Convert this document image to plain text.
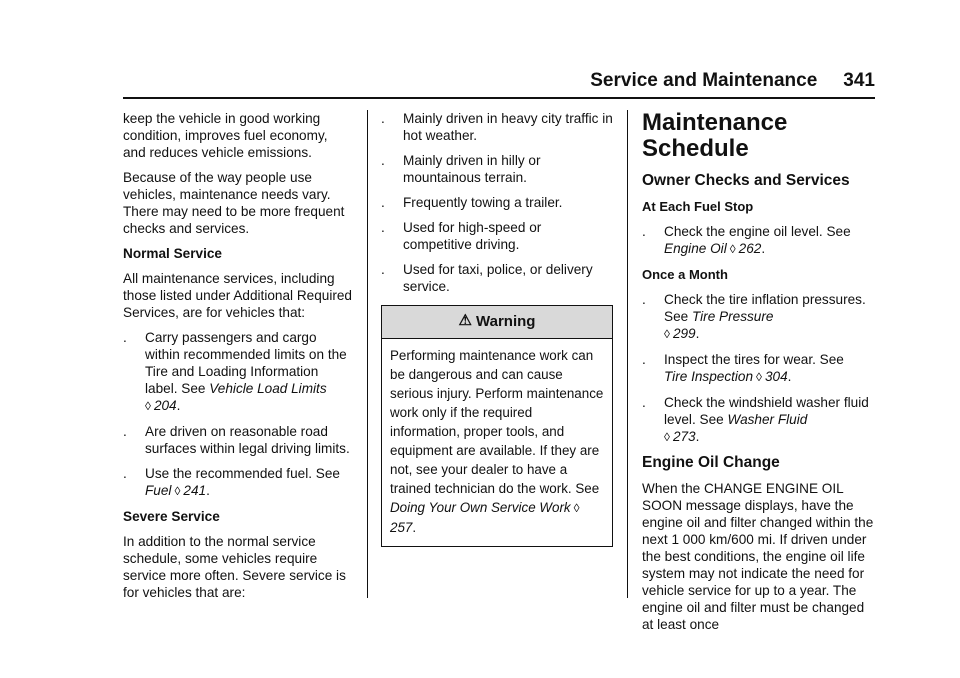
Service and Maintenance 341

keep the vehicle in good working condition, improves fuel economy, and reduces vehicle emissions.

Because of the way people use vehicles, maintenance needs vary. There may need to be more frequent checks and services.

Normal Service

All maintenance services, including those listed under Additional Required Services, are for vehicles that:

. Carry passengers and cargo within recommended limits on the Tire and Loading Information label. See Vehicle Load Limits
◊ 204.
. Are driven on reasonable road surfaces within legal driving limits.
. Use the recommended fuel. See
Fuel ◊ 241.

Severe Service

In addition to the normal service schedule, some vehicles require service more often. Severe service is for vehicles that are:

. Mainly driven in heavy city traffic in hot weather.
. Mainly driven in hilly or mountainous terrain.
. Frequently towing a trailer.
. Used for high-speed or competitive driving.
. Used for taxi, police, or delivery service.
⚠ Warning
Performing maintenance work can be dangerous and can cause serious injury. Perform maintenance work only if the required information, proper tools, and equipment are available. If they are not, see your dealer to have a trained technician do the work. See Doing Your Own Service Work ◊257.
Maintenance
Schedule
Owner Checks and Services
At Each Fuel Stop
. Check the engine oil level. See
Engine Oil ◊ 262.
Once a Month
. Check the tire inflation pressures. See Tire Pressure
◊ 299.
. Inspect the tires for wear. See
Tire Inspection ◊ 304.
. Check the windshield washer fluid level. See Washer Fluid
◊ 273.
Engine Oil Change

When the CHANGE ENGINE OIL SOON message displays, have the engine oil and filter changed within the next 1 000 km/600 mi. If driven under the best conditions, the engine oil life system may not indicate the need for vehicle service for up to a year. The engine oil and filter must be changed at least once
